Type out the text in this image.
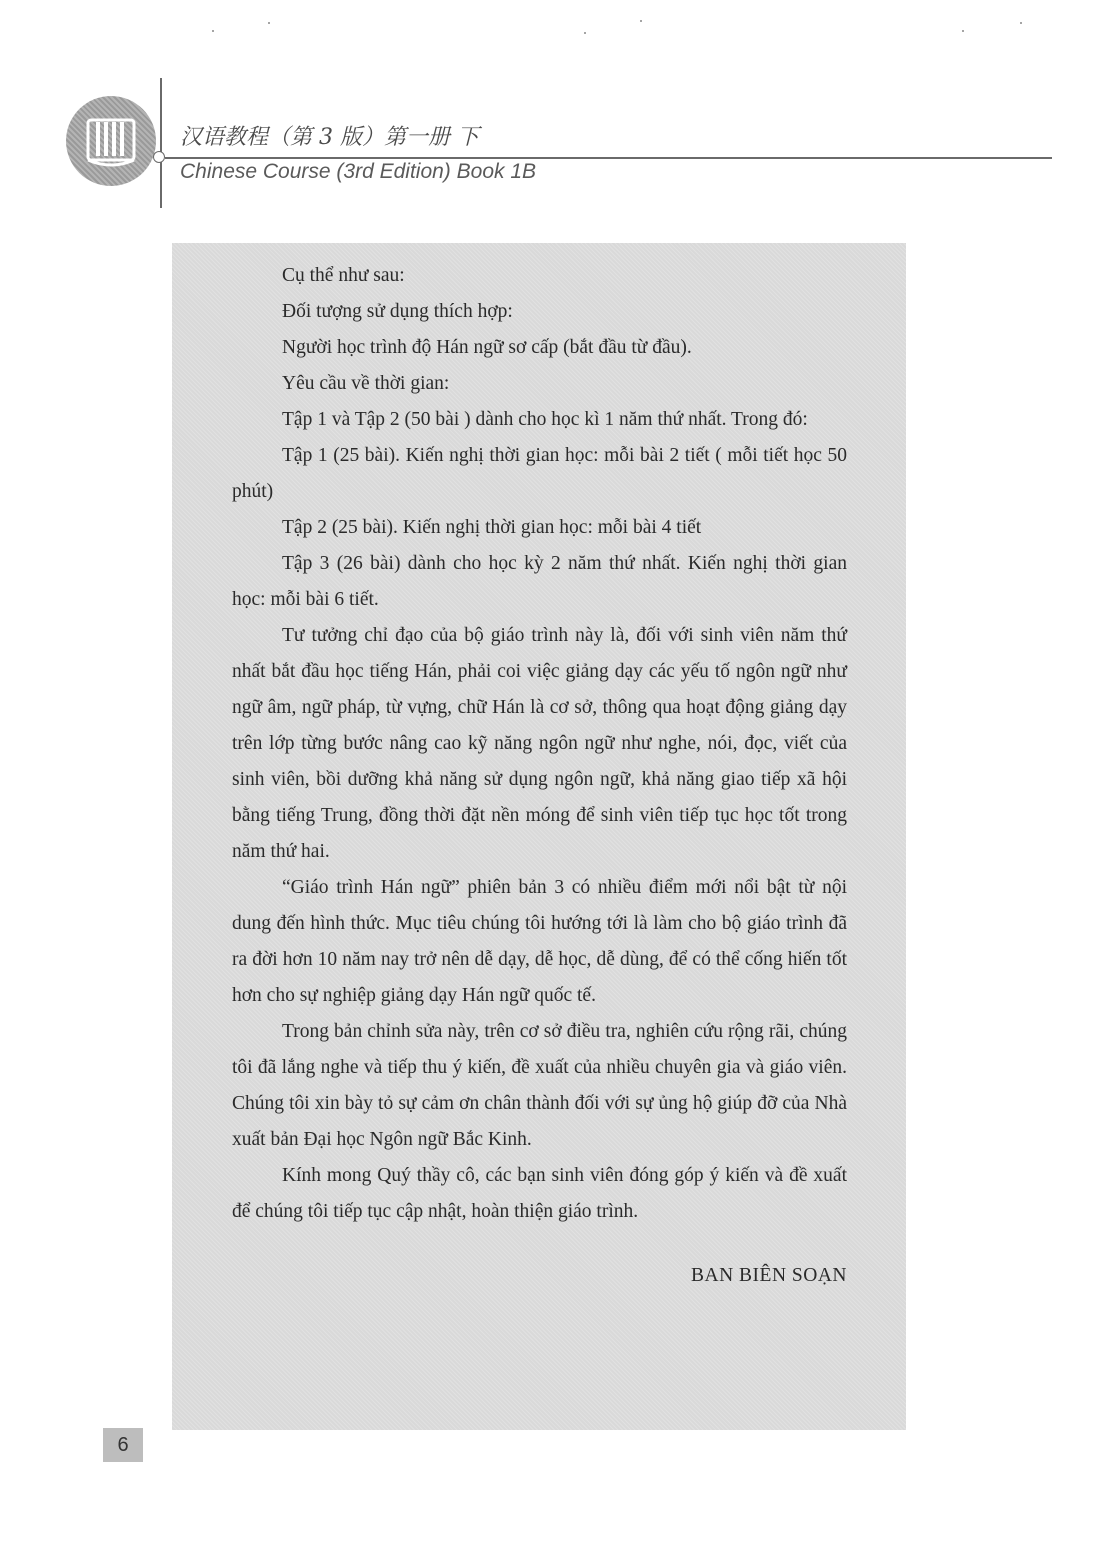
汉语教程（第 3 版）第一册 下
Chinese Course (3rd Edition) Book 1B

Cụ thể như sau:

Đối tượng sử dụng thích hợp:

Người học trình độ Hán ngữ sơ cấp (bắt đầu từ đầu).

Yêu cầu về thời gian:

Tập 1 và Tập 2 (50 bài ) dành cho học kì 1 năm thứ nhất. Trong đó:

Tập 1 (25 bài). Kiến nghị thời gian học: mỗi bài 2 tiết ( mỗi tiết học 50 phút)

Tập 2 (25 bài). Kiến nghị thời gian học: mỗi bài 4 tiết

Tập 3 (26 bài) dành cho học kỳ 2 năm thứ nhất. Kiến nghị thời gian học: mỗi bài 6 tiết.

Tư tưởng chỉ đạo của bộ giáo trình này là, đối với sinh viên năm thứ nhất bắt đầu học tiếng Hán, phải coi việc giảng dạy các yếu tố ngôn ngữ như ngữ âm, ngữ pháp, từ vựng, chữ Hán là cơ sở, thông qua hoạt động giảng dạy trên lớp từng bước nâng cao kỹ năng ngôn ngữ như nghe, nói, đọc, viết của sinh viên, bồi dưỡng khả năng sử dụng ngôn ngữ, khả năng giao tiếp xã hội bằng tiếng Trung, đồng thời đặt nền móng để sinh viên tiếp tục học tốt trong năm thứ hai.

“Giáo trình Hán ngữ” phiên bản 3 có nhiều điểm mới nổi bật từ nội dung đến hình thức. Mục tiêu chúng tôi hướng tới là làm cho bộ giáo trình đã ra đời hơn 10 năm nay trở nên dễ dạy, dễ học, dễ dùng, để có thể cống hiến tốt hơn cho sự nghiệp giảng dạy Hán ngữ quốc tế.

Trong bản chỉnh sửa này, trên cơ sở điều tra, nghiên cứu rộng rãi, chúng tôi đã lắng nghe và tiếp thu ý kiến, đề xuất của nhiều chuyên gia và giáo viên. Chúng tôi xin bày tỏ sự cảm ơn chân thành đối với sự ủng hộ giúp đỡ của Nhà xuất bản Đại học Ngôn ngữ Bắc Kinh.

Kính mong Quý thầy cô, các bạn sinh viên đóng góp ý kiến và đề xuất để chúng tôi tiếp tục cập nhật, hoàn thiện giáo trình.

BAN BIÊN SOẠN

6
